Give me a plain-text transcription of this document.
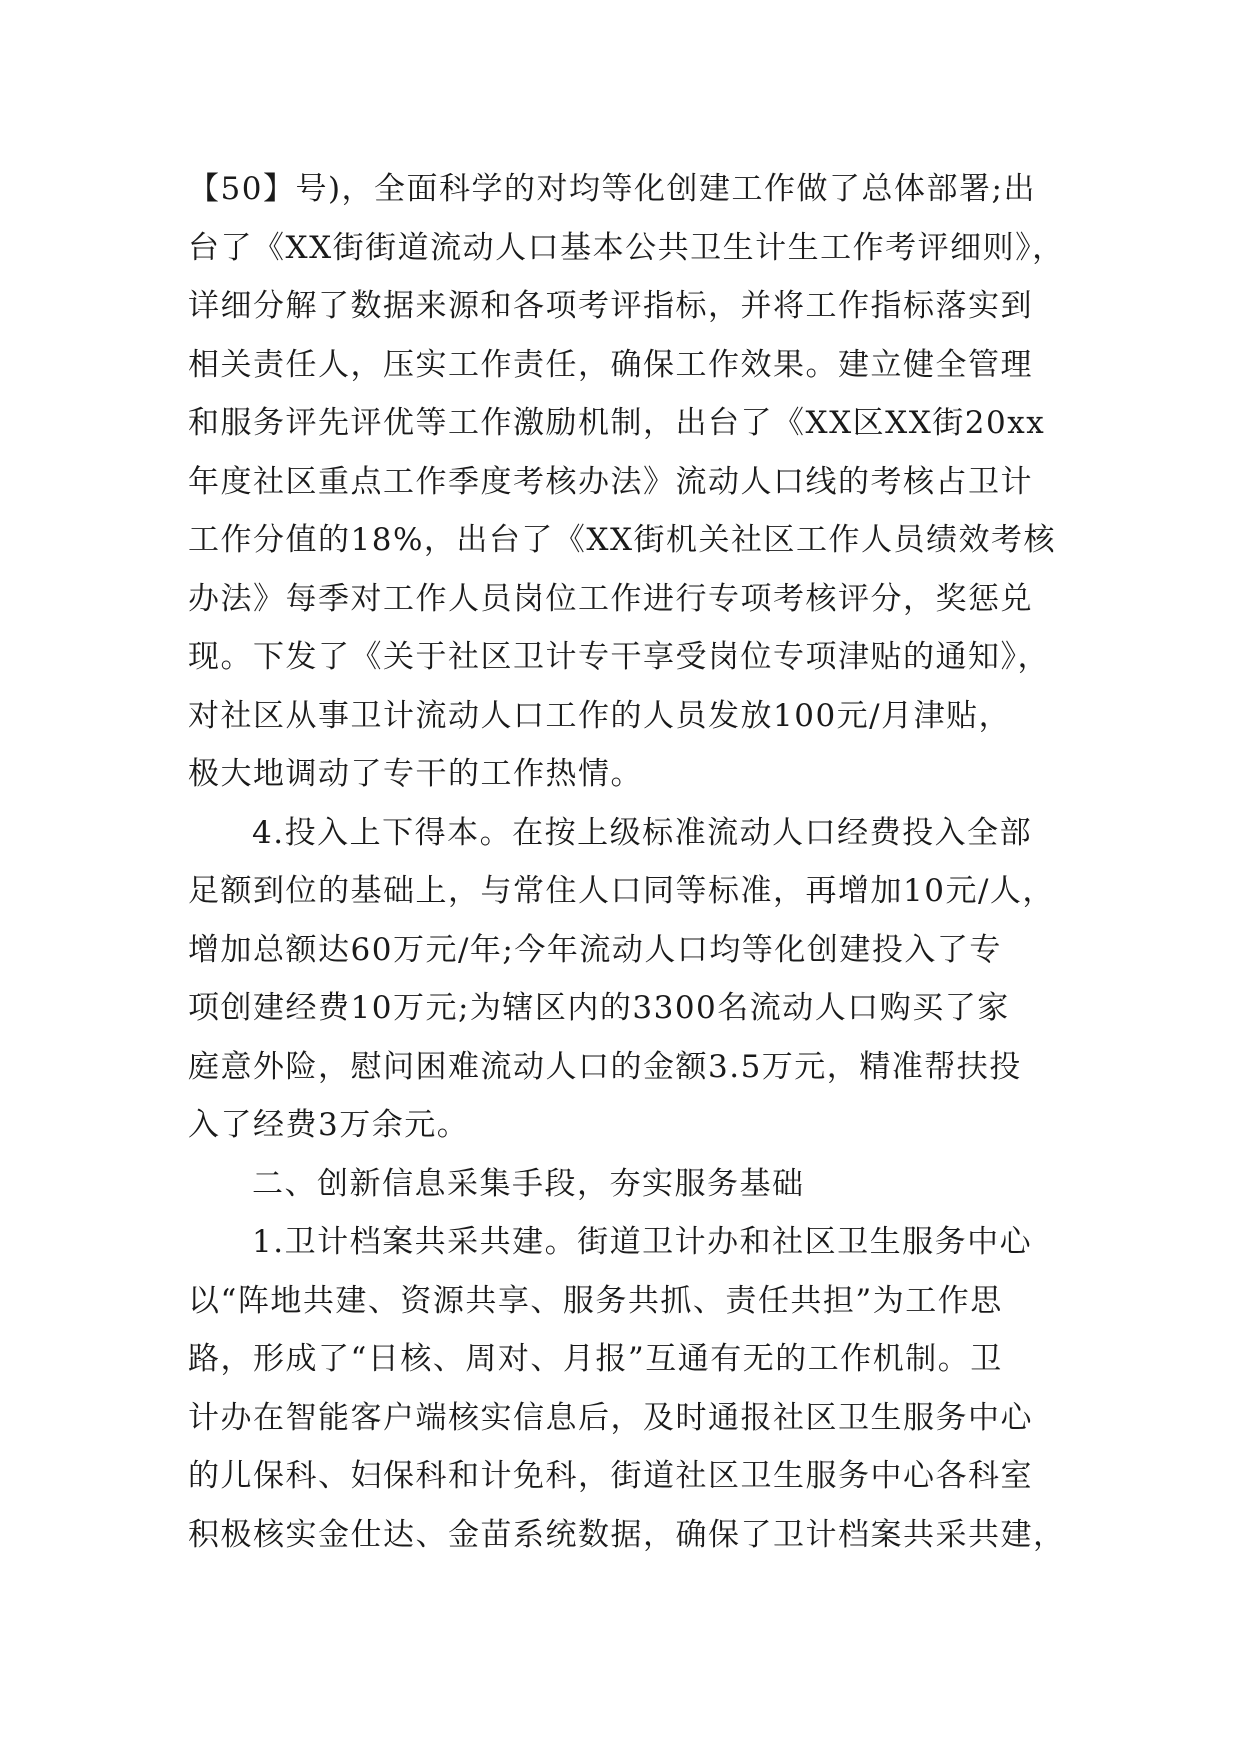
【50】号)，全面科学的对均等化创建工作做了总体部署;出
台了《XX街街道流动人口基本公共卫生计生工作考评细则》，
详细分解了数据来源和各项考评指标，并将工作指标落实到
相关责任人，压实工作责任，确保工作效果。建立健全管理
和服务评先评优等工作激励机制，出台了《XX区XX街20xx
年度社区重点工作季度考核办法》流动人口线的考核占卫计
工作分值的18%，出台了《XX街机关社区工作人员绩效考核
办法》每季对工作人员岗位工作进行专项考核评分，奖惩兑
现。下发了《关于社区卫计专干享受岗位专项津贴的通知》，
对社区从事卫计流动人口工作的人员发放100元/月津贴，
极大地调动了专干的工作热情。
4.投入上下得本。在按上级标准流动人口经费投入全部
足额到位的基础上，与常住人口同等标准，再增加10元/人，
增加总额达60万元/年;今年流动人口均等化创建投入了专
项创建经费10万元;为辖区内的3300名流动人口购买了家
庭意外险，慰问困难流动人口的金额3.5万元，精准帮扶投
入了经费3万余元。
二、创新信息采集手段，夯实服务基础
1.卫计档案共采共建。街道卫计办和社区卫生服务中心
以“阵地共建、资源共享、服务共抓、责任共担”为工作思
路，形成了“日核、周对、月报”互通有无的工作机制。卫
计办在智能客户端核实信息后，及时通报社区卫生服务中心
的儿保科、妇保科和计免科，街道社区卫生服务中心各科室
积极核实金仕达、金苗系统数据，确保了卫计档案共采共建，
